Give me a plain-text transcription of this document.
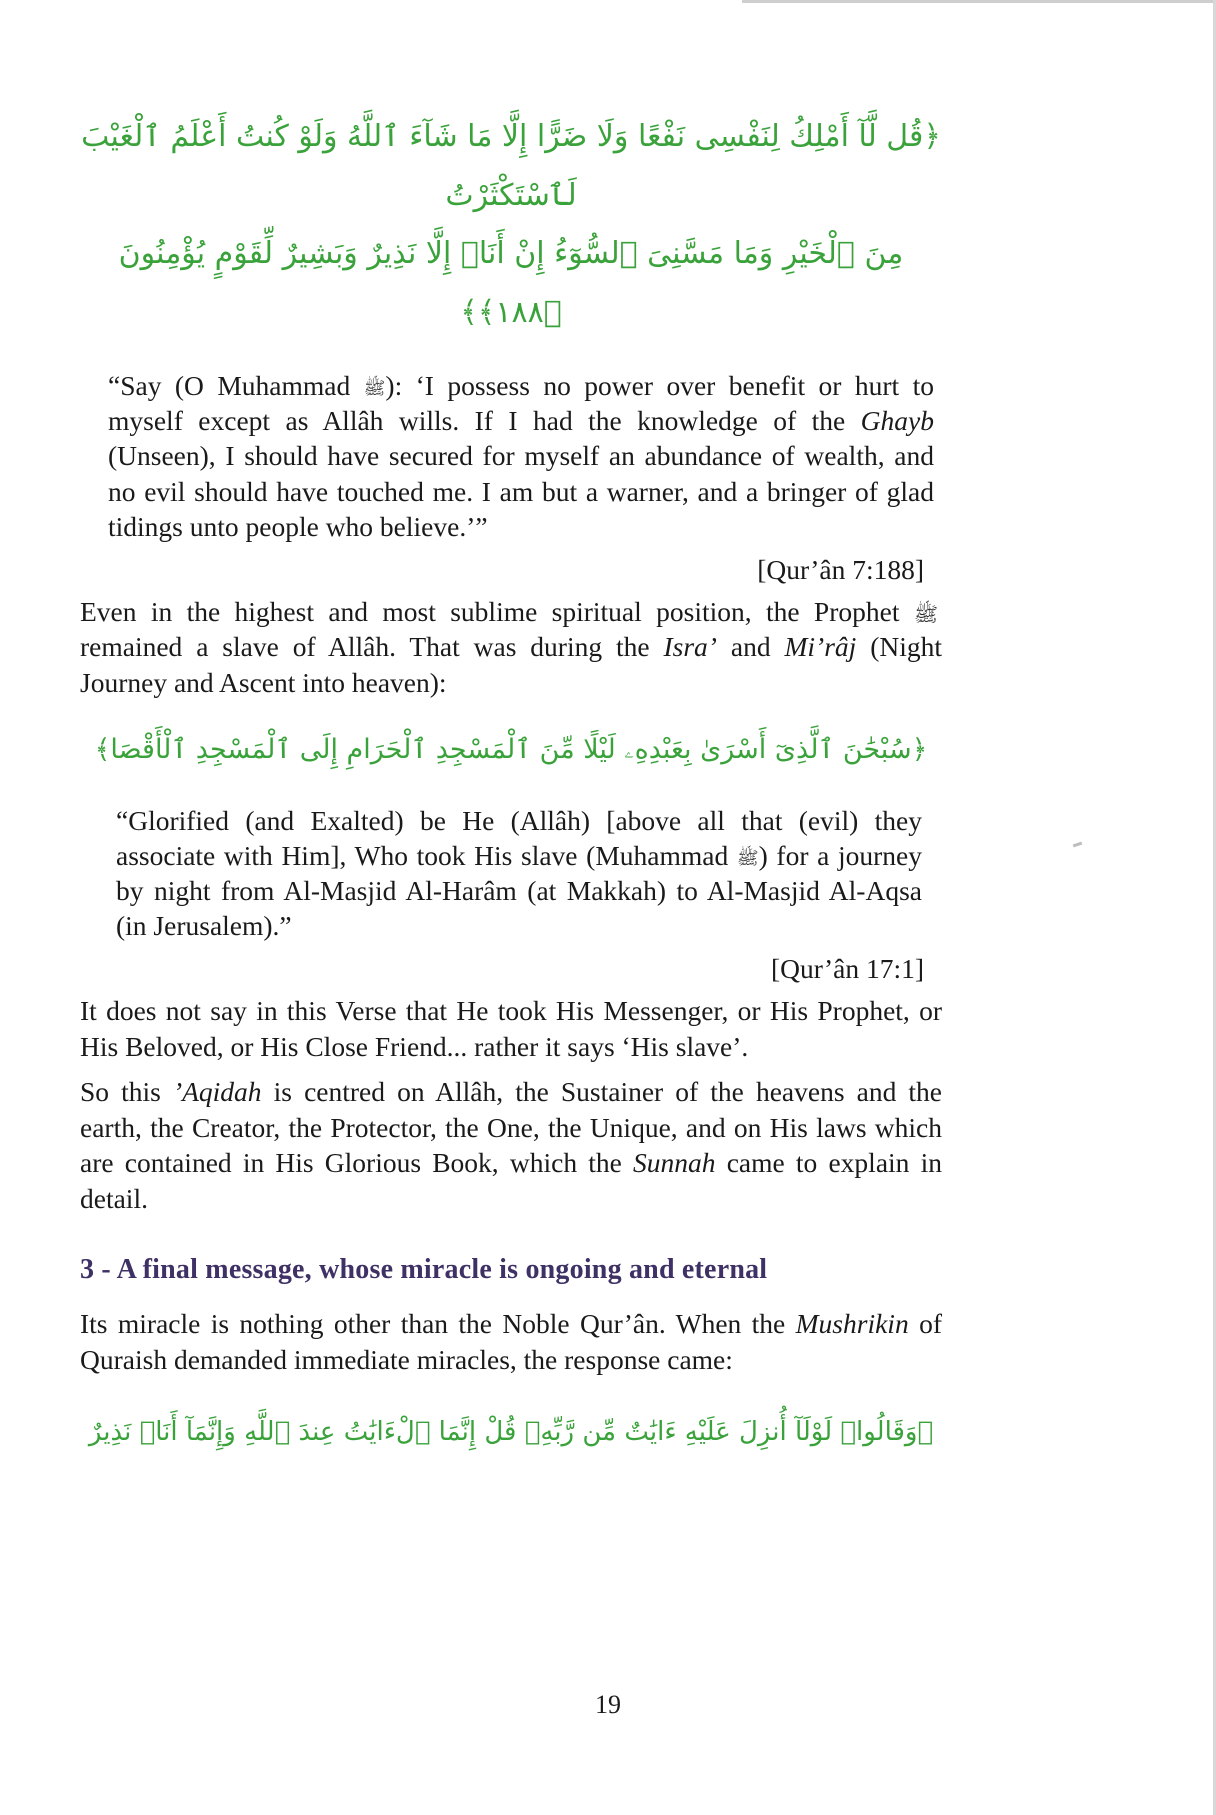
﴿قُل لَّآ أَمْلِكُ لِنَفْسِى نَفْعًا وَلَا ضَرًّا إِلَّا مَا شَآءَ ٱللَّهُ وَلَوْ كُنتُ أَعْلَمُ ٱلْغَيْبَ لَٱسْتَكْثَرْتُ
مِنَ ٱلْخَيْرِ وَمَا مَسَّنِىَ ٱلسُّوٓءُ إِنْ أَنَا۠ إِلَّا نَذِيرٌ وَبَشِيرٌ لِّقَوْمٍ يُؤْمِنُونَ ﴿١٨٨﴾﴾

“Say (O Muhammad ﷺ): ‘I possess no power over benefit or hurt to myself except as Allâh wills. If I had the knowledge of the Ghayb (Unseen), I should have secured for myself an abundance of wealth, and no evil should have touched me. I am but a warner, and a bringer of glad tidings unto people who believe.’”

[Qur’ân 7:188]

Even in the highest and most sublime spiritual position, the Prophet ﷺ remained a slave of Allâh. That was during the Isra’ and Mi’râj (Night Journey and Ascent into heaven):

﴿سُبْحَٰنَ ٱلَّذِىٓ أَسْرَىٰ بِعَبْدِهِۦ لَيْلًا مِّنَ ٱلْمَسْجِدِ ٱلْحَرَامِ إِلَى ٱلْمَسْجِدِ ٱلْأَقْصَا﴾

“Glorified (and Exalted) be He (Allâh) [above all that (evil) they associate with Him], Who took His slave (Muhammad ﷺ) for a journey by night from Al-Masjid Al-Harâm (at Makkah) to Al-Masjid Al-Aqsa (in Jerusalem).”

[Qur’ân 17:1]

It does not say in this Verse that He took His Messenger, or His Prophet, or His Beloved, or His Close Friend... rather it says ‘His slave’.

So this ’Aqidah is centred on Allâh, the Sustainer of the heavens and the earth, the Creator, the Protector, the One, the Unique, and on His laws which are contained in His Glorious Book, which the Sunnah came to explain in detail.

3 - A final message, whose miracle is ongoing and eternal

Its miracle is nothing other than the Noble Qur’ân. When the Mushrikin of Quraish demanded immediate miracles, the response came:

﴿وَقَالُوا۟ لَوْلَآ أُنزِلَ عَلَيْهِ ءَايَٰتٌ مِّن رَّبِّهِۦ قُلْ إِنَّمَا ٱلْءَايَٰتُ عِندَ ٱللَّهِ وَإِنَّمَآ أَنَا۠ نَذِيرٌ
19
